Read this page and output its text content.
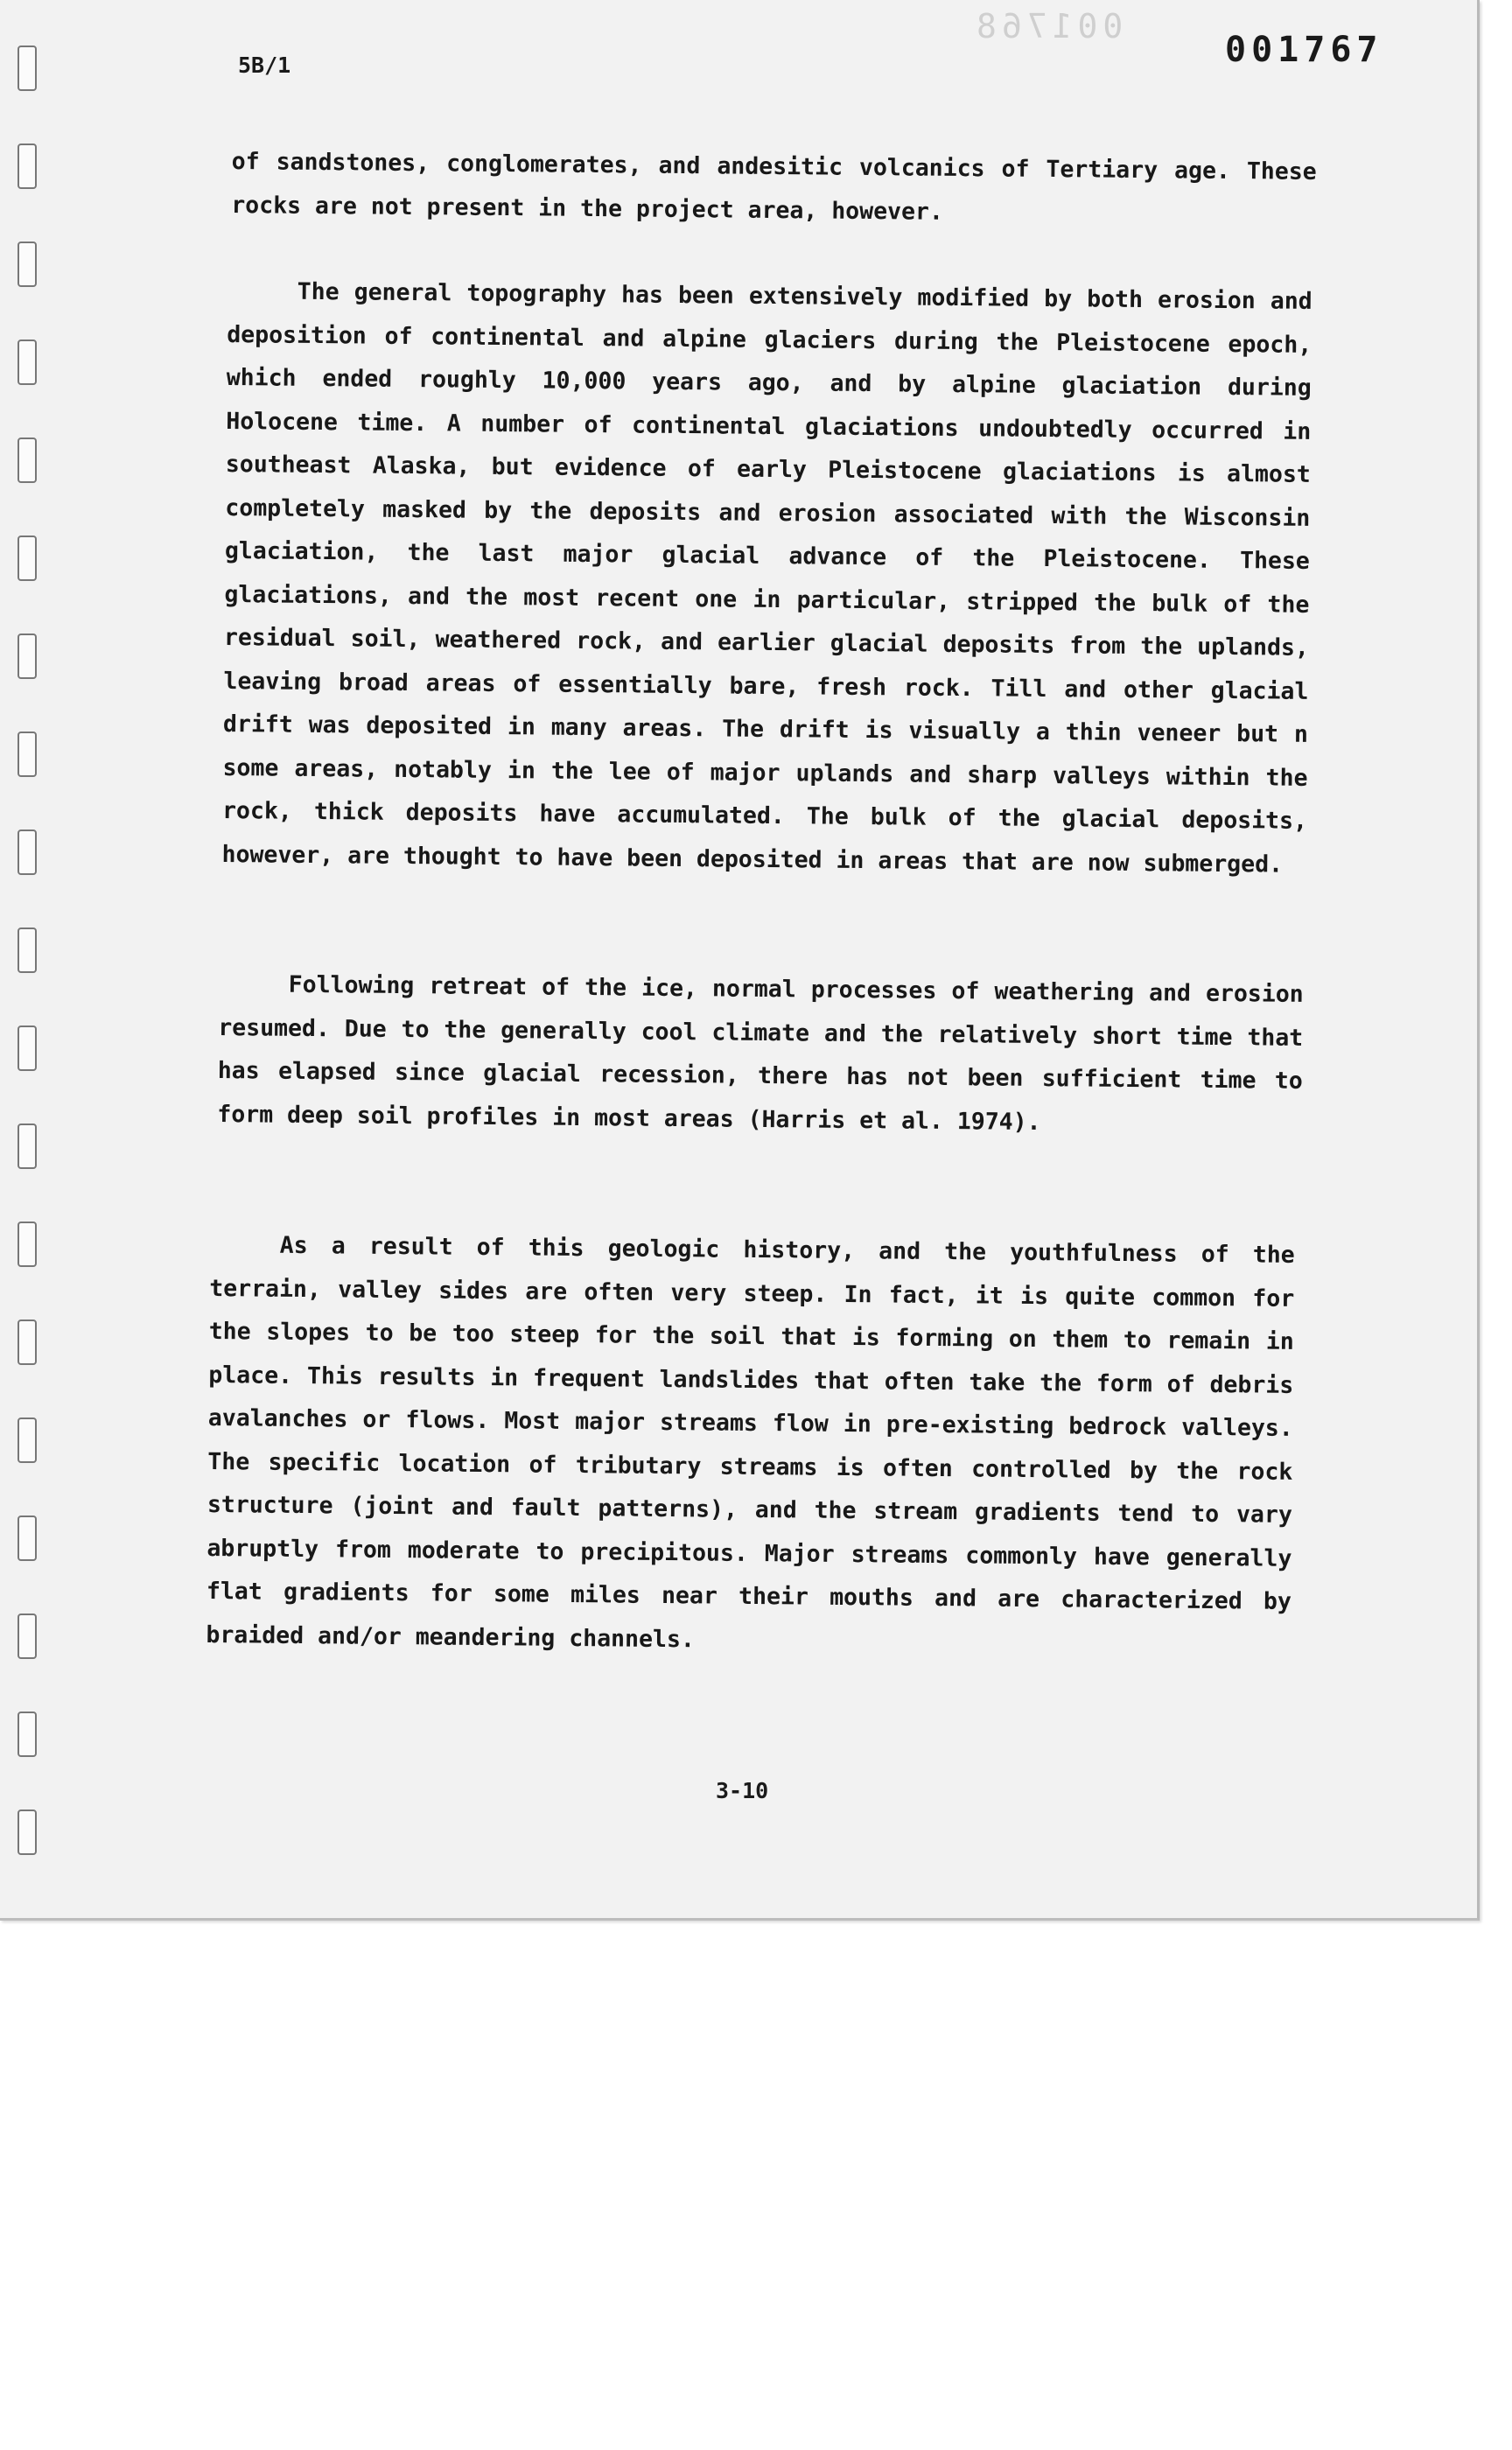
001768
001767
5B/1

of sandstones, conglomerates, and andesitic volcanics of Tertiary age. These rocks are not present in the project area, however.

The general topography has been extensively modified by both erosion and deposition of continental and alpine glaciers during the Pleistocene epoch, which ended roughly 10,000 years ago, and by alpine glaciation during Holocene time. A number of continental glaciations undoubtedly occurred in southeast Alaska, but evidence of early Pleistocene glaciations is almost completely masked by the deposits and erosion associated with the Wisconsin glaciation, the last major glacial advance of the Pleistocene. These glaciations, and the most recent one in particular, stripped the bulk of the residual soil, weathered rock, and earlier glacial deposits from the uplands, leaving broad areas of essentially bare, fresh rock. Till and other glacial drift was deposited in many areas. The drift is visually a thin veneer but n some areas, notably in the lee of major uplands and sharp valleys within the rock, thick deposits have accumulated. The bulk of the glacial deposits, however, are thought to have been deposited in areas that are now submerged.

Following retreat of the ice, normal processes of weathering and erosion resumed. Due to the generally cool climate and the relatively short time that has elapsed since glacial recession, there has not been sufficient time to form deep soil profiles in most areas (Harris et al. 1974).

As a result of this geologic history, and the youthfulness of the terrain, valley sides are often very steep. In fact, it is quite common for the slopes to be too steep for the soil that is forming on them to remain in place. This results in frequent landslides that often take the form of debris avalanches or flows. Most major streams flow in pre-existing bedrock valleys. The specific location of tributary streams is often controlled by the rock structure (joint and fault patterns), and the stream gradients tend to vary abruptly from moderate to precipitous. Major streams commonly have generally flat gradients for some miles near their mouths and are characterized by braided and/or meandering channels.

3-10
